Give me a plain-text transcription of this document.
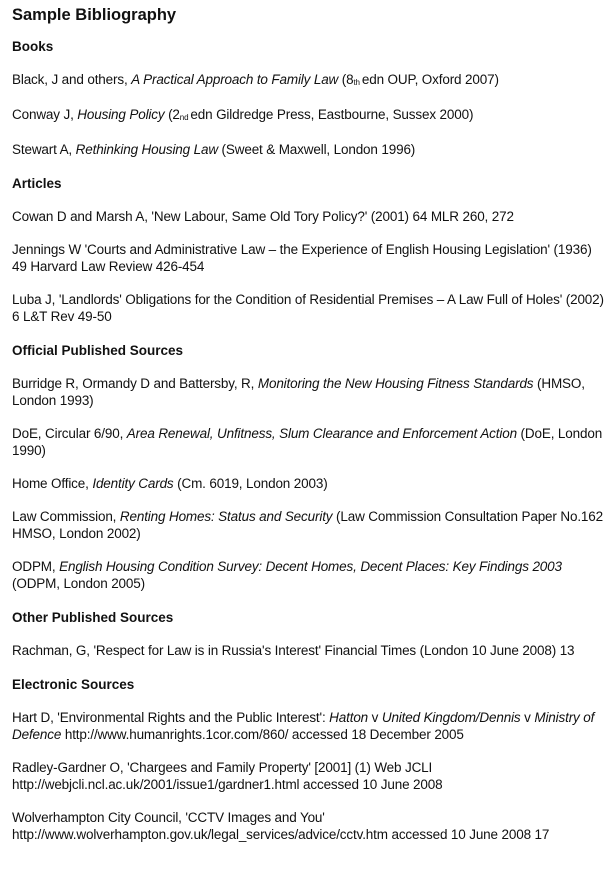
Sample Bibliography
Books

Black, J and others, A Practical Approach to Family Law (8th edn OUP, Oxford 2007)

Conway J, Housing Policy (2nd edn Gildredge Press, Eastbourne, Sussex 2000)

Stewart A, Rethinking Housing Law (Sweet & Maxwell, London 1996)

Articles

Cowan D and Marsh A, 'New Labour, Same Old Tory Policy?' (2001) 64 MLR 260, 272

Jennings W 'Courts and Administrative Law – the Experience of English Housing Legislation' (1936) 49 Harvard Law Review 426-454

Luba J, 'Landlords' Obligations for the Condition of Residential Premises – A Law Full of Holes' (2002) 6 L&T Rev 49-50

Official Published Sources

Burridge R, Ormandy D and Battersby, R, Monitoring the New Housing Fitness Standards (HMSO, London 1993)

DoE, Circular 6/90, Area Renewal, Unfitness, Slum Clearance and Enforcement Action (DoE, London 1990)

Home Office, Identity Cards (Cm. 6019, London 2003)

Law Commission, Renting Homes: Status and Security (Law Commission Consultation Paper No.162 HMSO, London 2002)

ODPM, English Housing Condition Survey: Decent Homes, Decent Places: Key Findings 2003 (ODPM, London 2005)

Other Published Sources

Rachman, G, 'Respect for Law is in Russia's Interest' Financial Times (London 10 June 2008) 13

Electronic Sources

Hart D, 'Environmental Rights and the Public Interest': Hatton v United Kingdom/Dennis v Ministry of Defence http://www.humanrights.1cor.com/860/ accessed 18 December 2005

Radley-Gardner O, 'Chargees and Family Property' [2001] (1) Web JCLI http://webjcli.ncl.ac.uk/2001/issue1/gardner1.html accessed 10 June 2008

Wolverhampton City Council, 'CCTV Images and You' http://www.wolverhampton.gov.uk/legal_services/advice/cctv.htm accessed 10 June 2008 17
